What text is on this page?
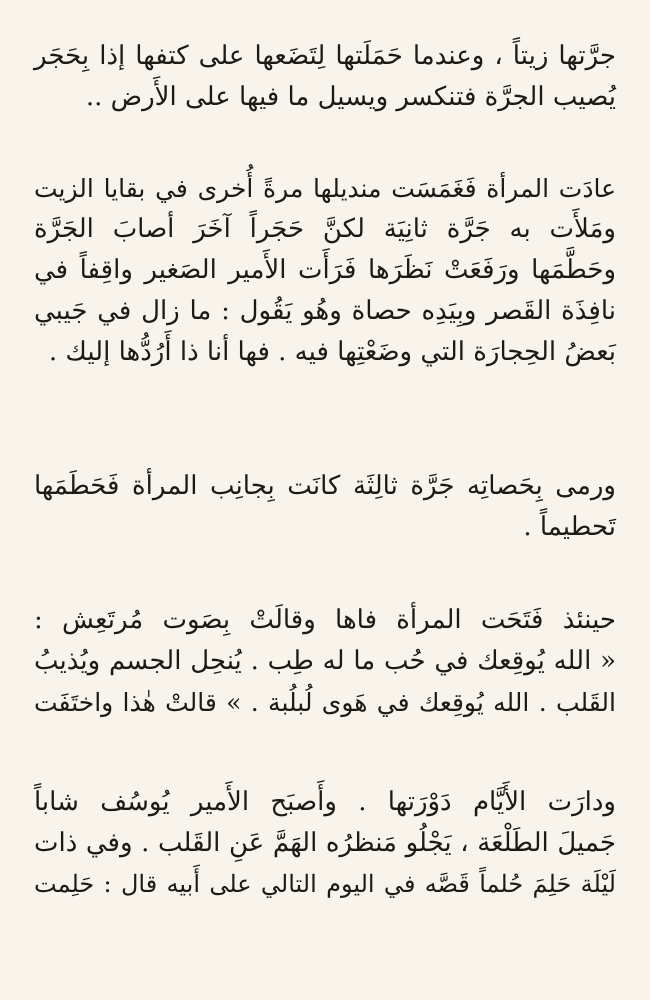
جرَّتها زيتاً ، وعندما حَمَلَتها لِتَضَعها على كتفها إذا بِحَجَر
يُصيب الجرَّة فتنكسر ويسيل ما فيها على الأَرض ..
عادَت المرأة فَغَمَسَت منديلها مرةً أُخرى في بقايا الزيت
ومَلأَت به جَرَّة ثانِيَة لكنَّ حَجَراً آخَرَ أصابَ الجَرَّة
وحَطَّمَها ورَفَعَتْ نَظَرَها فَرَأَت الأَمير الصَغير واقِفاً في
نافِذَة القَصر وبِيَدِه حصاة وهُو يَقُول : ما زال في جَيبي
بَعضُ الحِجارَة التي وضَعْتِها فيه . فها أنا ذا أَرُدُّها إليك .
ورمى بِحَصاتِه جَرَّة ثالِثَة كانَت بِجانِب المرأة فَحَطَمَها
تَحطيماً .
حينئذ فَتَحَت المرأة فاها وقالَتْ بِصَوت مُرتَعِش :
« الله يُوقِعك في حُب ما له طِب . يُنحِل الجسم ويُذيبُ
القَلب . الله يُوقِعك في هَوى لُبلُبة . » قالتْ هٰذا واختَفَت
ودارَت الأَيَّام دَوْرَتها . وأَصبَح الأَمير يُوسُف شاباً
جَميلَ الطَلْعَة ، يَجْلُو مَنظرُه الهَمَّ عَنِ القَلب . وفي ذات
لَيْلَة حَلِمَ حُلماً قَصَّه في اليوم التالي على أَبيه قال : حَلِمت
